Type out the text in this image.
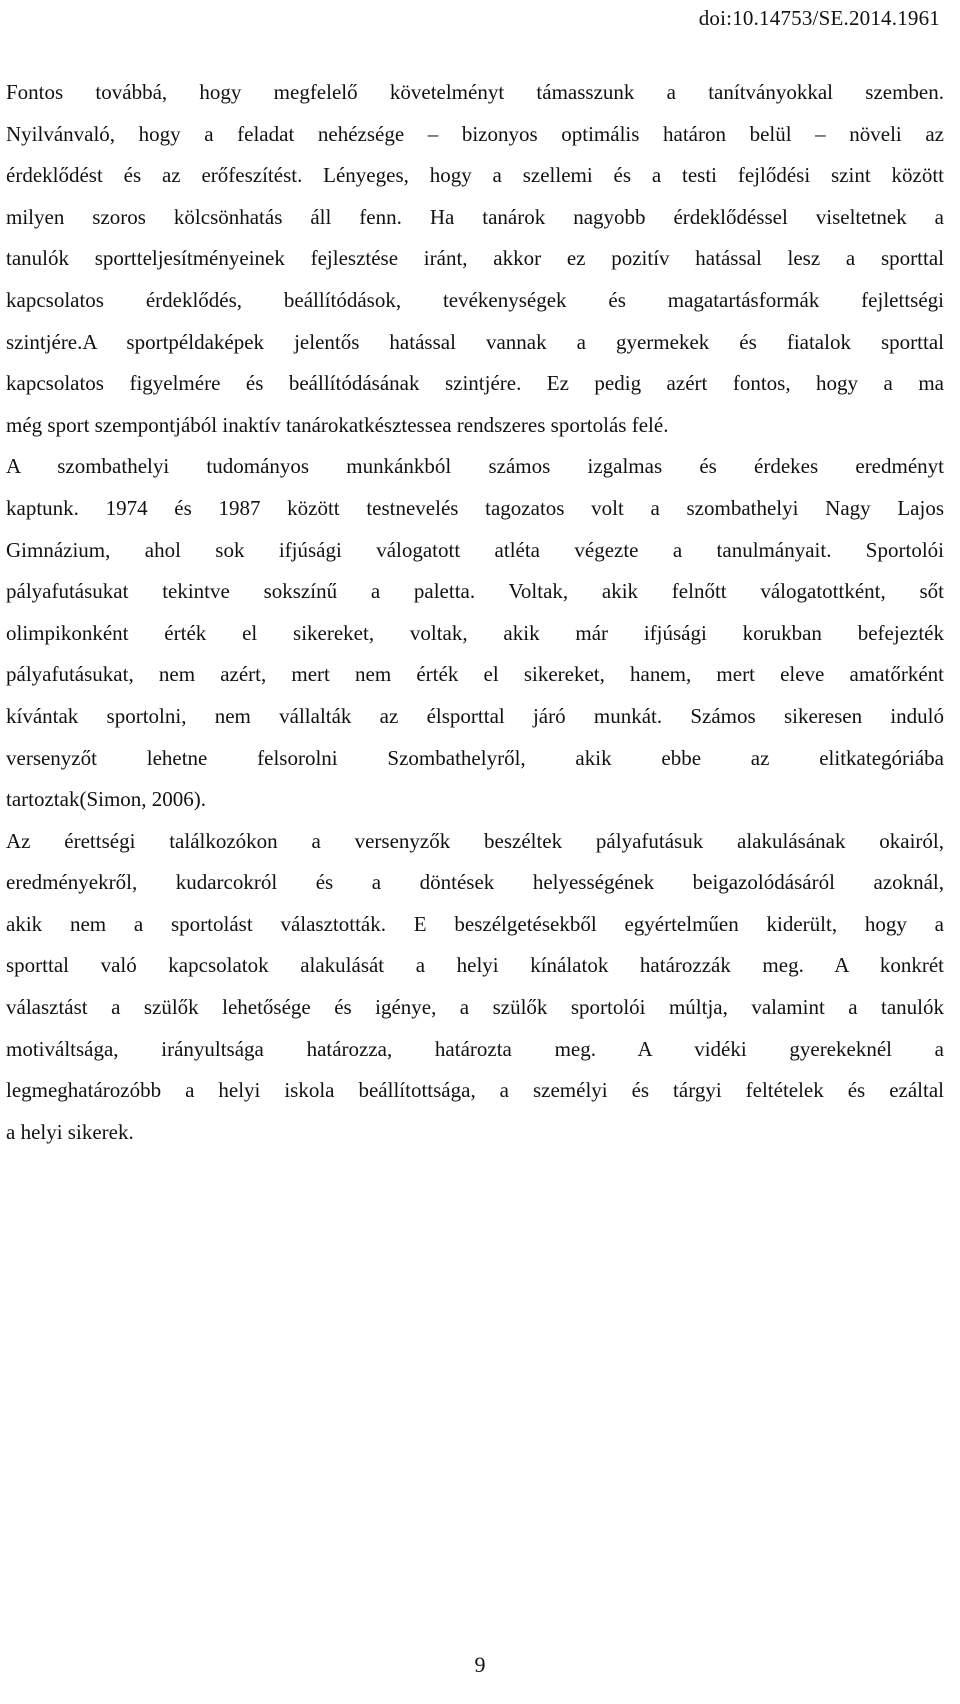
doi:10.14753/SE.2014.1961
Fontos továbbá, hogy megfelelő követelményt támasszunk a tanítványokkal szemben.
Nyilvánvaló, hogy a feladat nehézsége – bizonyos optimális határon belül – növeli az
érdeklődést és az erőfeszítést. Lényeges, hogy a szellemi és a testi fejlődési szint között
milyen szoros kölcsönhatás áll fenn. Ha tanárok nagyobb érdeklődéssel viseltetnek a
tanulók sportteljesítményeinek fejlesztése iránt, akkor ez pozitív hatással lesz a sporttal
kapcsolatos érdeklődés, beállítódások, tevékenységek és magatartásformák fejlettségi
szintjére.A sportpéldaképek jelentős hatással vannak a gyermekek és fiatalok sporttal
kapcsolatos figyelmére és beállítódásának szintjére. Ez pedig azért fontos, hogy a ma
még sport szempontjából inaktív tanárokatkésztessea rendszeres sportolás felé.
A szombathelyi tudományos munkánkból számos izgalmas és érdekes eredményt
kaptunk. 1974 és 1987 között testnevelés tagozatos volt a szombathelyi Nagy Lajos
Gimnázium, ahol sok ifjúsági válogatott atléta végezte a tanulmányait. Sportolói
pályafutásukat tekintve sokszínű a paletta. Voltak, akik felnőtt válogatottként, sőt
olimpikonként érték el sikereket, voltak, akik már ifjúsági korukban befejezték
pályafutásukat, nem azért, mert nem érték el sikereket, hanem, mert eleve amatőrként
kívántak sportolni, nem vállalták az élsporttal járó munkát. Számos sikeresen induló
versenyzőt lehetne felsorolni Szombathelyről, akik ebbe az elitkategóriába
tartoztak(Simon, 2006).
Az érettségi találkozókon a versenyzők beszéltek pályafutásuk alakulásának okairól,
eredményekről, kudarcokról és a döntések helyességének beigazolódásáról azoknál,
akik nem a sportolást választották. E beszélgetésekből egyértelműen kiderült, hogy a
sporttal való kapcsolatok alakulását a helyi kínálatok határozzák meg. A konkrét
választást a szülők lehetősége és igénye, a szülők sportolói múltja, valamint a tanulók
motiváltsága, irányultsága határozza, határozta meg. A vidéki gyerekeknél a
legmeghatározóbb a helyi iskola beállítottsága, a személyi és tárgyi feltételek és ezáltal
a helyi sikerek.
9
